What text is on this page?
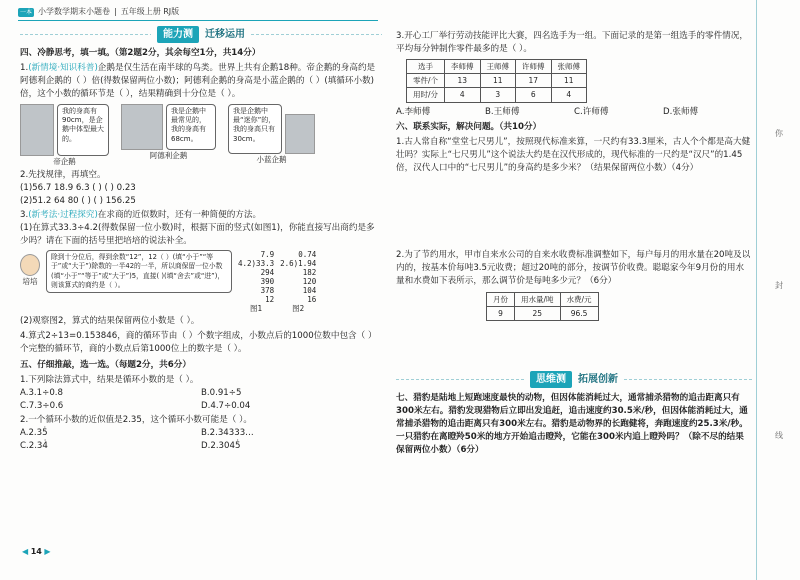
一本 小学数学期末小题卷 | 五年级上册 RJ版
能力测	迁移运用
四、冷静思考，填一填。（第2题2分，其余每空1分，共14分）
1.(新情境·知识科普)企鹅是仅生活在南半球的鸟类。世界上共有企鹅18种。帝企鹅的身高约是阿德利企鹅的（ ）倍(得数保留两位小数)；阿德利企鹅的身高是小蓝企鹅的（ ）(填循环小数)倍，这个小数的循环节是（ ），结果精确到十分位是（ ）。
我的身高有90cm，是企鹅中体型最大的。
帝企鹅
我是企鹅中最常见的，我的身高有68cm。
阿德利企鹅
我是企鹅中最“迷你”的，我的身高只有30cm。
小蓝企鹅
2.先找规律，再填空。
(1)56.7 18.9 6.3 ( ) ( ) 0.23
(2)51.2 64 80 ( ) ( ) 156.25
3.(新考法·过程探究)在求商的近似数时，还有一种简便的方法。
(1)在算式33.3÷4.2(得数保留一位小数)时，根据下面的竖式(如图1)，你能直接写出商约是多少吗？请在下面的括号里把培培的说法补全。
培培
除到十分位后，得到余数“12”，12（ ）(填“小于”“等于”或“大于”)除数的一半42的一半，所以商保留一位小数(填“小于”“等于”或“大于”)5，直接( )(填“舍去”或“进”)，则该算式的商约是（ ）。
7.9
4.2)33.3
294
390
378
12
图1
0.74
2.6)1.94
182
120
104
16
图2
(2)观察图2，算式的结果保留两位小数是（ ）。
4.算式2÷13=0.153846，商的循环节由（ ）个数字组成，小数点后的1000位数中包含（ ）个完整的循环节，商的小数点后第1000位上的数字是（ ）。
五、仔细推敲，选一选。（每题2分，共6分）
1.下列除法算式中，结果是循环小数的是（ ）。
A.3.1÷0.8	B.0.91÷5
C.7.3÷0.6	D.4.7÷0.04
2.一个循环小数的近似值是2.35，这个循环小数可能是（ ）。
A.2.35̇	B.2.34333…
C.2.34̇	D.2.3045̇
3.开心工厂举行劳动技能评比大赛，四名选手为一组。下面记录的是第一组选手的零件情况，平均每分钟制作零件最多的是（ ）。
选手	李师傅	王师傅	许师傅	张师傅
零件/个	13	11	17	11
用时/分	4	3	6	4
A.李师傅	B.王师傅	C.许师傅	D.张师傅
六、联系实际，解决问题。（共10分）
1.古人常自称“堂堂七尺男儿”，按照现代标准来算，一尺约有33.3厘米，古人个个都是高大健壮吗？实际上“七尺男儿”这个说法大约是在汉代形成的，现代标准的一尺约是“汉尺”的1.45倍，汉代人口中的“七尺男儿”的身高约是多少米？（结果保留两位小数）（4分）
2.为了节约用水，甲市自来水公司的自来水收费标准调整如下，每户每月的用水量在20吨及以内的，按基本价每吨3.5元收费；超过20吨的部分，按调节价收费。聪聪家今年9月份的用水量和水费如下表所示，那么调节价是每吨多少元？（6分）
月份	用水量/吨	水费/元
9	25	96.5
思维测	拓展创新
七、猎豹是陆地上短跑速度最快的动物，但因体能消耗过大，通常捕杀猎物的追击距离只有300米左右。猎豹发现猎物后立即出发追赶，追击速度约30.5米/秒，但因体能消耗过大，通常捕杀猎物的追击距离只有300米左右。猎豹是动物界的长跑健将，奔跑速度约25.3米/秒。一只猎豹在离瞪羚50米的地方开始追击瞪羚，它能在300米内追上瞪羚吗？（除不尽的结果保留两位小数）（6分）
你
封
线
◀ 14 ▶
